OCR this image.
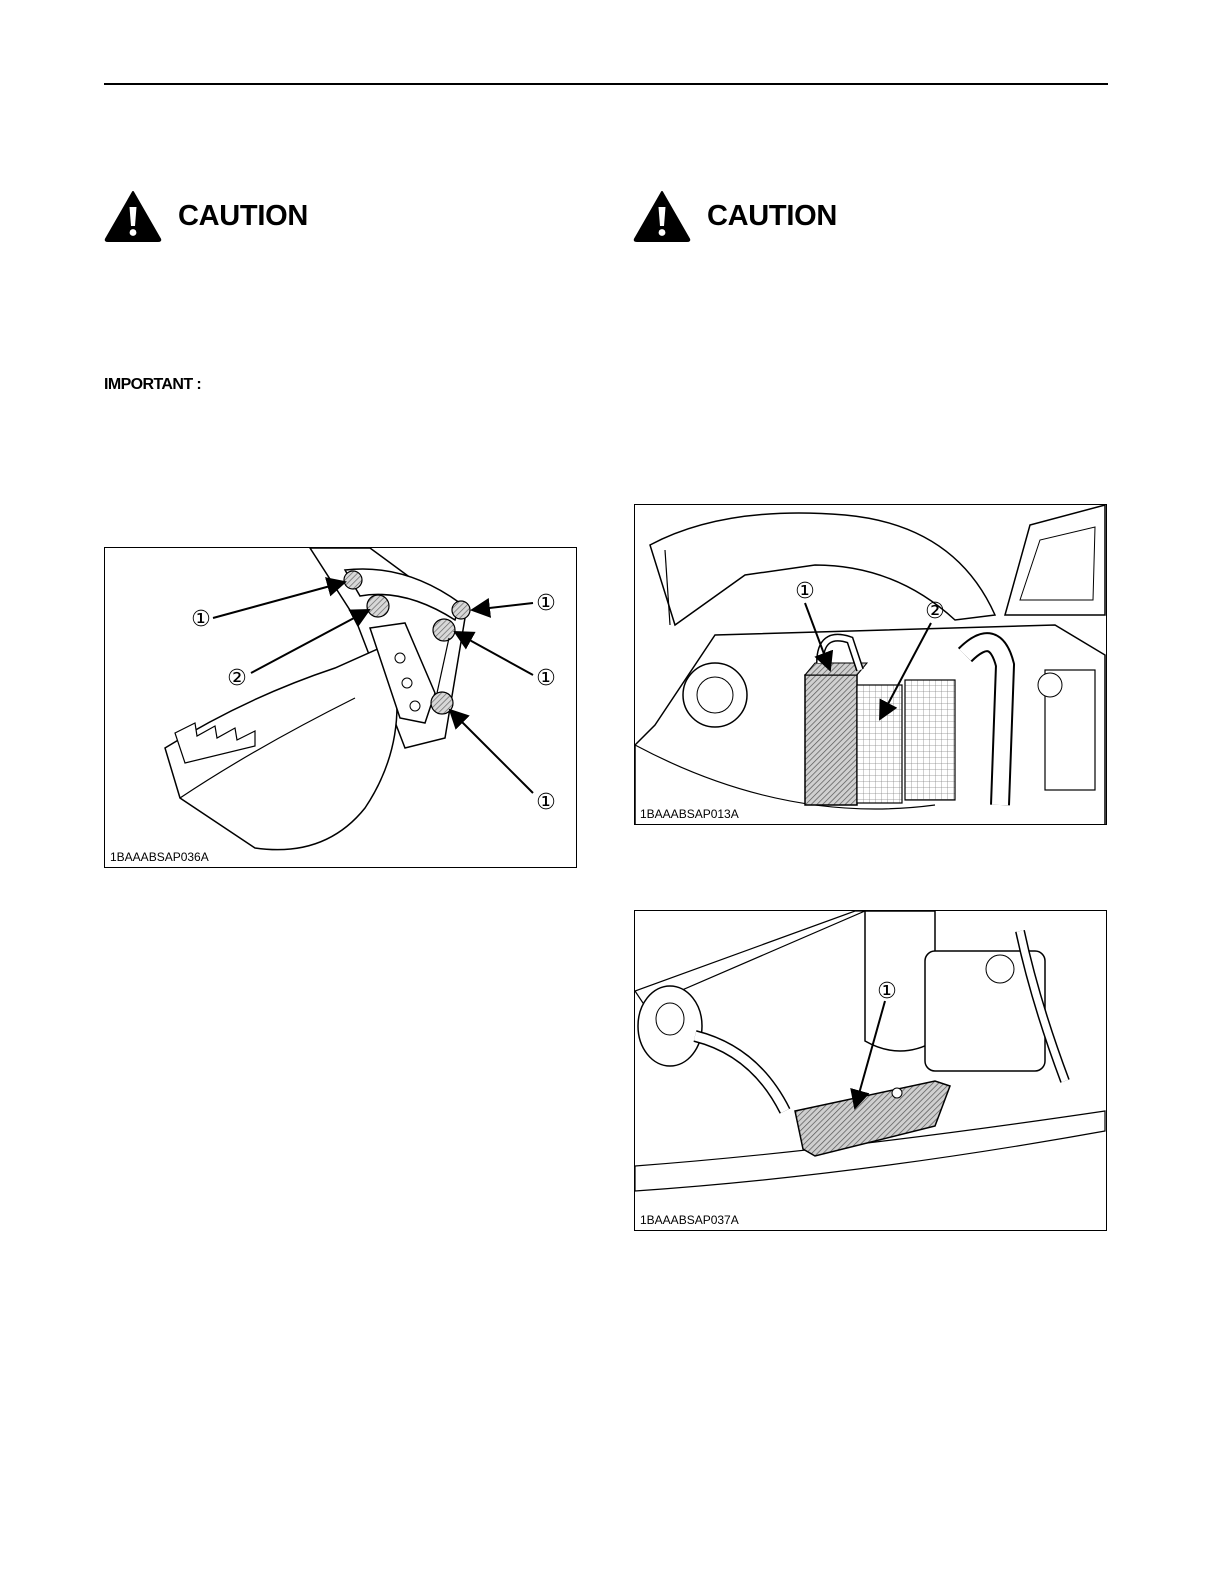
CAUTION	CAUTION
IMPORTANT :
①
②
①
①
①
1BAAABSAP036A
①
②
1BAAABSAP013A
①
1BAAABSAP037A
